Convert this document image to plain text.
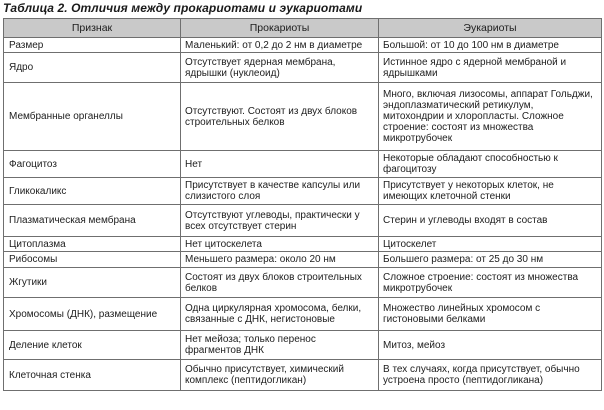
Таблица 2. Отличия между прокариотами и эукариотами
Признак	Прокариоты	Эукариоты
Размер	Маленький: от 0,2 до 2 нм в диаметре	Большой: от 10 до 100 нм в диаметре
Ядро	Отсутствует ядерная мембрана, ядрышки (нуклеоид)	Истинное ядро с ядерной мембраной и ядрышками
Мембранные органеллы	Отсутствуют. Состоят из двух блоков строительных белков	Много, включая лизосомы, аппарат Гольджи, эндоплазматический ретикулум, митохондрии и хлоропласты. Сложное строение: состоят из множества микротрубочек
Фагоцитоз	Нет	Некоторые обладают способностью к фагоцитозу
Гликокаликс	Присутствует в качестве капсулы или слизистого слоя	Присутствует у некоторых клеток, не имеющих клеточной стенки
Плазматическая мембрана	Отсутствуют углеводы, практически у всех отсутствует стерин	Стерин и углеводы входят в состав
Цитоплазма	Нет цитоскелета	Цитоскелет
Рибосомы	Меньшего размера: около 20 нм	Большего размера: от 25 до 30 нм
Жгутики	Состоят из двух блоков строительных белков	Сложное строение: состоят из множества микротрубочек
Хромосомы (ДНК), размещение	Одна циркулярная хромосома, белки, связанные с ДНК, негистоновые	Множество линейных хромосом с гистоновыми белками
Деление клеток	Нет мейоза; только перенос фрагментов ДНК	Митоз, мейоз
Клеточная стенка	Обычно присутствует, химический комплекс (пептидогликан)	В тех случаях, когда присутствует, обычно устроена просто (пептидогликана)
